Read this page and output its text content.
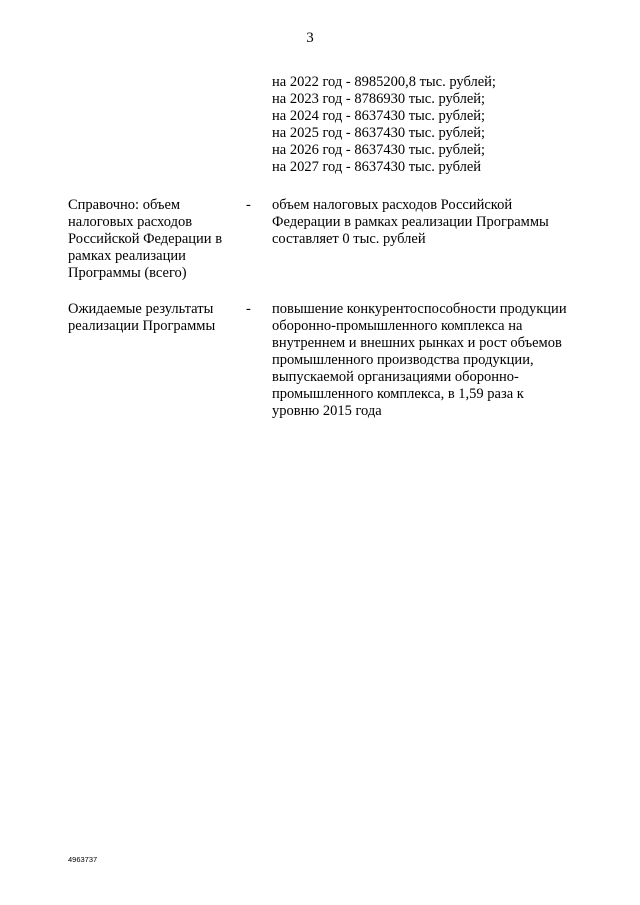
3
на 2022 год - 8985200,8 тыс. рублей;
на 2023 год - 8786930 тыс. рублей;
на 2024 год - 8637430 тыс. рублей;
на 2025 год - 8637430 тыс. рублей;
на 2026 год - 8637430 тыс. рублей;
на 2027 год - 8637430 тыс. рублей
Справочно: объем налоговых расходов Российской Федерации в рамках реализации Программы (всего)
- объем налоговых расходов Российской Федерации в рамках реализации Программы составляет 0 тыс. рублей
Ожидаемые результаты реализации Программы
- повышение конкурентоспособности продукции оборонно-промышленного комплекса на внутреннем и внешних рынках и рост объемов промышленного производства продукции, выпускаемой организациями оборонно-промышленного комплекса, в 1,59 раза к уровню 2015 года
4963737
